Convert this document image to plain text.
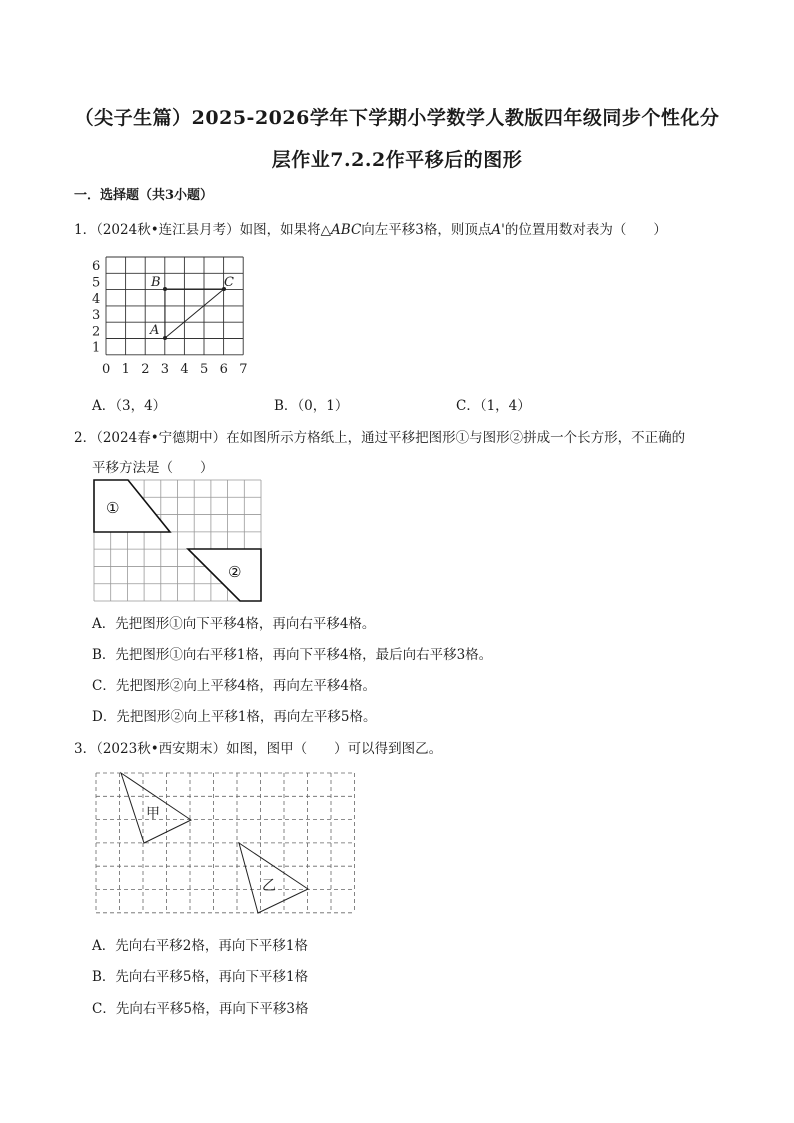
（尖子生篇）2025-2026学年下学期小学数学人教版四年级同步个性化分
层作业7.2.2作平移后的图形
一．选择题（共3小题）
1．（2024秋•连江县月考）如图，如果将△ABC向左平移3格，则顶点A'的位置用数对表为（　　）
0 1 2 3 4 5 6 7
1
2
3
4
5
6
A
B	C
A．（3，4）	B．（0，1）	C．（1，4）
2．（2024春•宁德期中）在如图所示方格纸上，通过平移把图形①与图形②拼成一个长方形，不正确的
平移方法是（　　）
①
②
A．先把图形①向下平移4格，再向右平移4格。
B．先把图形①向右平移1格，再向下平移4格，最后向右平移3格。
C．先把图形②向上平移4格，再向左平移4格。
D．先把图形②向上平移1格，再向左平移5格。
3．（2023秋•西安期末）如图，图甲（　　）可以得到图乙。
甲
乙
A．先向右平移2格，再向下平移1格
B．先向右平移5格，再向下平移1格
C．先向右平移5格，再向下平移3格
